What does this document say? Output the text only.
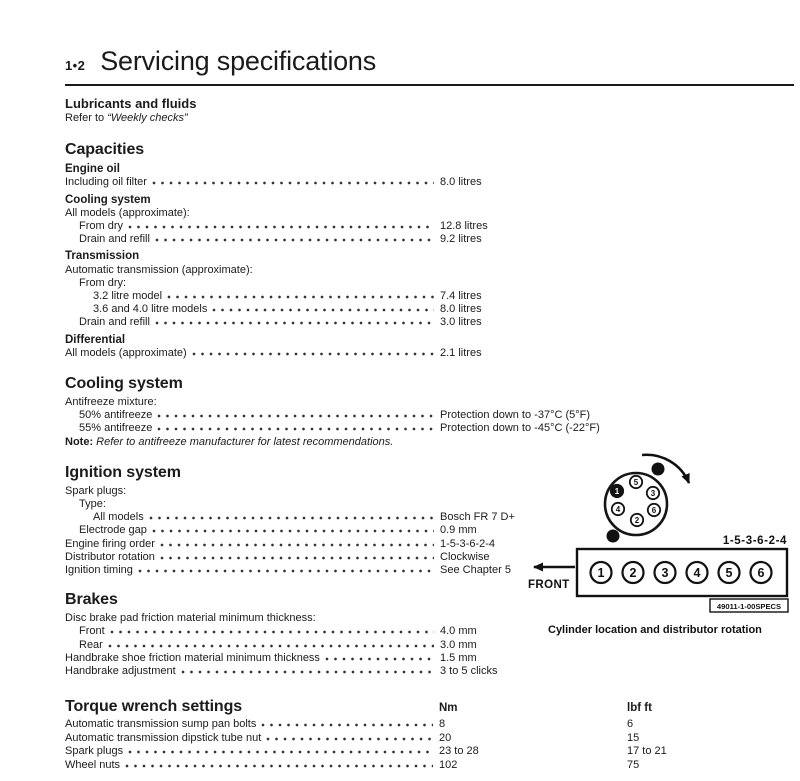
1•2 Servicing specifications
Lubricants and fluids
Refer to “Weekly checks”
Capacities
Engine oil
Including oil filter	8.0 litres
Cooling system
All models (approximate):
From dry	12.8 litres
Drain and refill	9.2 litres
Transmission
Automatic transmission (approximate):
From dry:
3.2 litre model	7.4 litres
3.6 and 4.0 litre models	8.0 litres
Drain and refill	3.0 litres
Differential
All models (approximate)	2.1 litres
Cooling system
Antifreeze mixture:
50% antifreeze	Protection down to -37°C (5°F)
55% antifreeze	Protection down to -45°C (-22°F)
Note: Refer to antifreeze manufacturer for latest recommendations.
Ignition system
Spark plugs:
Type:
All models	Bosch FR 7 D+
Electrode gap	0.9 mm
Engine firing order	1-5-3-6-2-4
Distributor rotation	Clockwise
Ignition timing	See Chapter 5
Brakes
Disc brake pad friction material minimum thickness:
Front	4.0 mm
Rear	3.0 mm
Handbrake shoe friction material minimum thickness	1.5 mm
Handbrake adjustment	3 to 5 clicks
Torque wrench settings	Nm	lbf ft
Automatic transmission sump pan bolts	8	6
Automatic transmission dipstick tube nut	20	15
Spark plugs	23 to 28	17 to 21
Wheel nuts	102	75
5
1	3
4	6
2
1-5-3-6-2-4
1 2 3 4 5 6
49011-1-00SPECS
FRONT
Cylinder location and distributor rotation
